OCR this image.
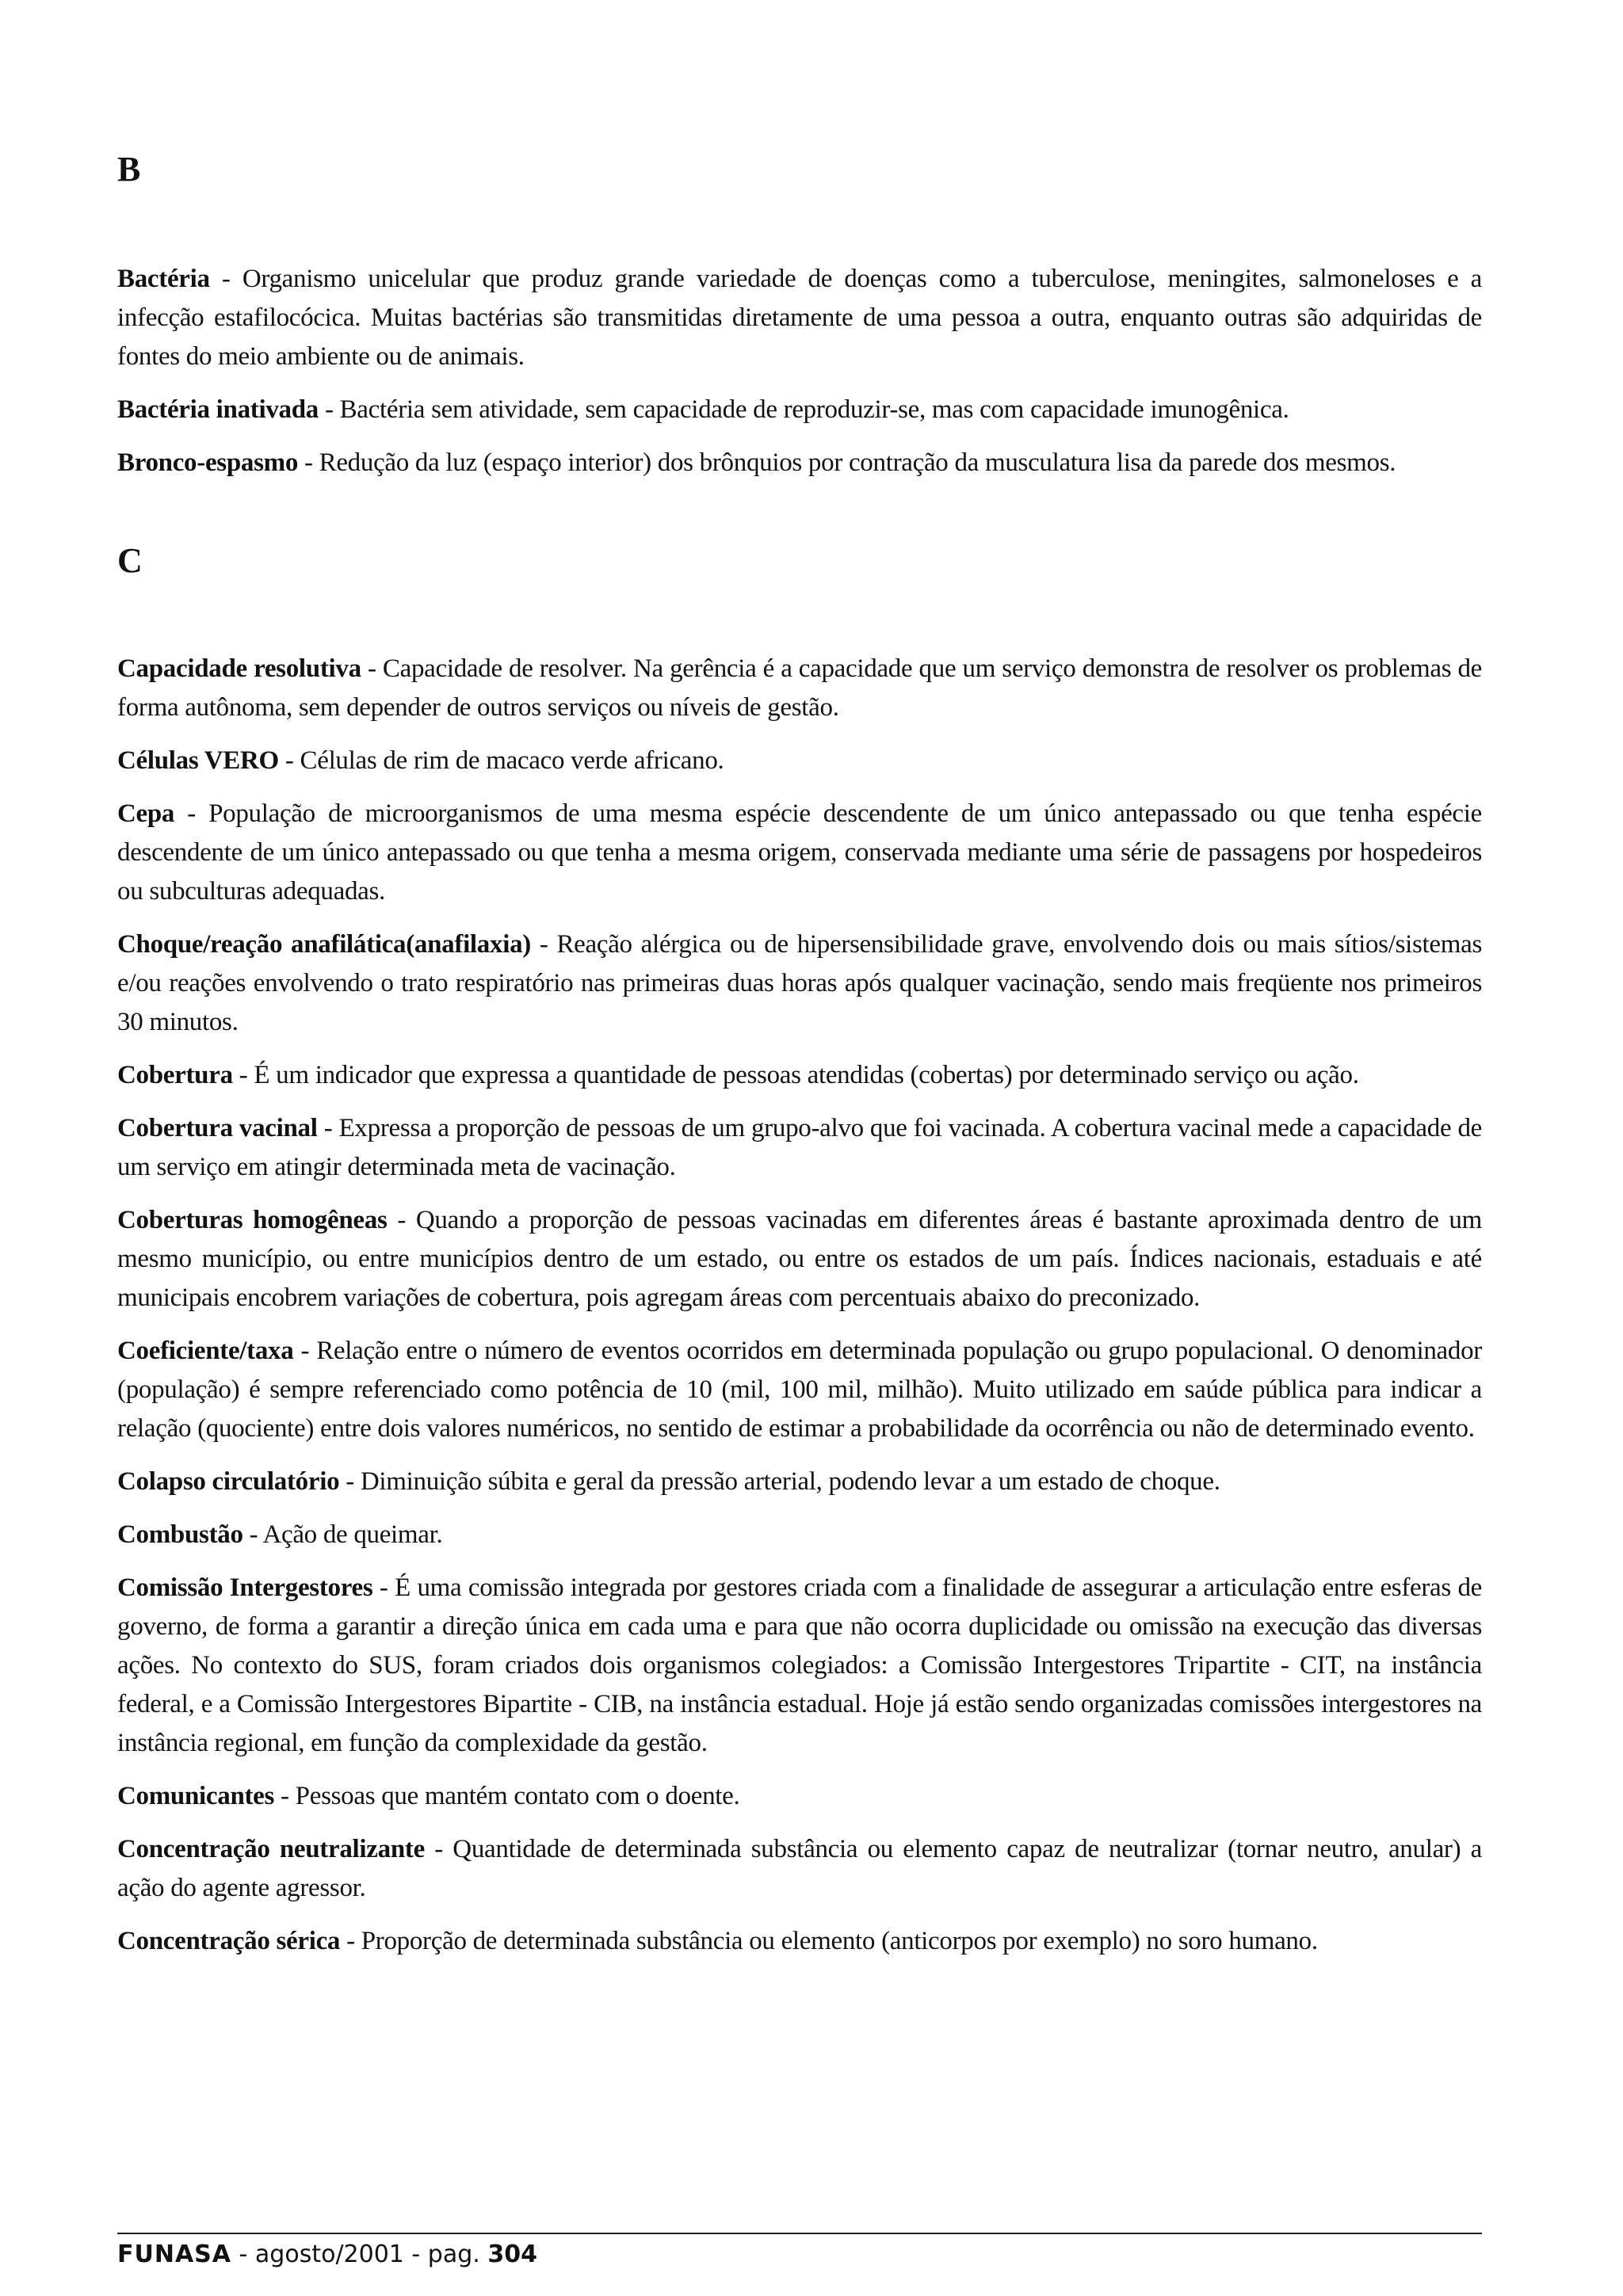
B

Bactéria - Organismo unicelular que produz grande variedade de doenças como a tuberculose, meningites, salmoneloses e a infecção estafilocócica. Muitas bactérias são transmitidas diretamente de uma pessoa a outra, enquanto outras são adquiridas de fontes do meio ambiente ou de animais.

Bactéria inativada - Bactéria sem atividade, sem capacidade de reproduzir-se, mas com capacidade imunogênica.

Bronco-espasmo - Redução da luz (espaço interior) dos brônquios por contração da musculatura lisa da parede dos mesmos.

C

Capacidade resolutiva - Capacidade de resolver. Na gerência é a capacidade que um serviço demonstra de resolver os problemas de forma autônoma, sem depender de outros serviços ou níveis de gestão.

Células VERO - Células de rim de macaco verde africano.

Cepa - População de microorganismos de uma mesma espécie descendente de um único antepassado ou que tenha espécie descendente de um único antepassado ou que tenha a mesma origem, conservada mediante uma série de passagens por hospedeiros ou subculturas adequadas.

Choque/reação anafilática(anafilaxia) - Reação alérgica ou de hipersensibilidade grave, envolvendo dois ou mais sítios/sistemas e/ou reações envolvendo o trato respiratório nas primeiras duas horas após qualquer vacinação, sendo mais freqüente nos primeiros 30 minutos.

Cobertura - É um indicador que expressa a quantidade de pessoas atendidas (cobertas) por determinado serviço ou ação.

Cobertura vacinal - Expressa a proporção de pessoas de um grupo-alvo que foi vacinada. A cobertura vacinal mede a capacidade de um serviço em atingir determinada meta de vacinação.

Coberturas homogêneas - Quando a proporção de pessoas vacinadas em diferentes áreas é bastante aproximada dentro de um mesmo município, ou entre municípios dentro de um estado, ou entre os estados de um país. Índices nacionais, estaduais e até municipais encobrem variações de cobertura, pois agregam áreas com percentuais abaixo do preconizado.

Coeficiente/taxa - Relação entre o número de eventos ocorridos em determinada população ou grupo populacional. O denominador (população) é sempre referenciado como potência de 10 (mil, 100 mil, milhão). Muito utilizado em saúde pública para indicar a relação (quociente) entre dois valores numéricos, no sentido de estimar a probabilidade da ocorrência ou não de determinado evento.

Colapso circulatório - Diminuição súbita e geral da pressão arterial, podendo levar a um estado de choque.

Combustão - Ação de queimar.

Comissão Intergestores - É uma comissão integrada por gestores criada com a finalidade de assegurar a articulação entre esferas de governo, de forma a garantir a direção única em cada uma e para que não ocorra duplicidade ou omissão na execução das diversas ações. No contexto do SUS, foram criados dois organismos colegiados: a Comissão Intergestores Tripartite - CIT, na instância federal, e a Comissão Intergestores Bipartite - CIB, na instância estadual. Hoje já estão sendo organizadas comissões intergestores na instância regional, em função da complexidade da gestão.

Comunicantes - Pessoas que mantém contato com o doente.

Concentração neutralizante - Quantidade de determinada substância ou elemento capaz de neutralizar (tornar neutro, anular) a ação do agente agressor.

Concentração sérica - Proporção de determinada substância ou elemento (anticorpos por exemplo) no soro humano.

FUNASA - agosto/2001 - pag. 304
